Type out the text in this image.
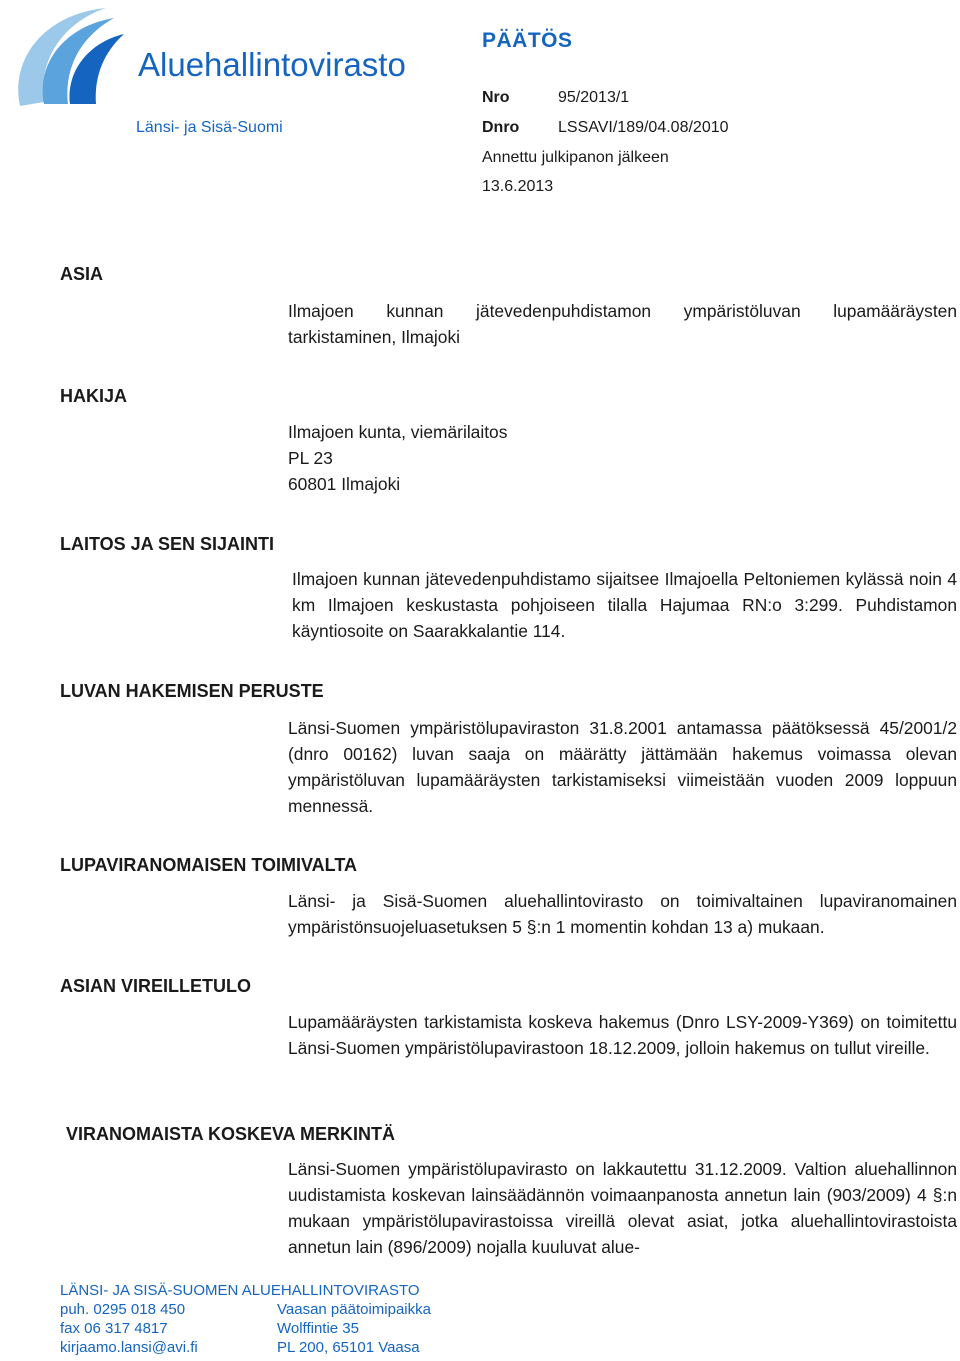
Aluehallintovirasto
Länsi- ja Sisä-Suomi
PÄÄTÖS
Nro	95/2013/1
Dnro LSSAVI/189/04.08/2010
Annettu julkipanon jälkeen
13.6.2013
ASIA
Ilmajoen kunnan jätevedenpuhdistamon ympäristöluvan lupamääräysten tarkistaminen, Ilmajoki
HAKIJA
Ilmajoen kunta, viemärilaitos
PL 23
60801 Ilmajoki
LAITOS JA SEN SIJAINTI
Ilmajoen kunnan jätevedenpuhdistamo sijaitsee Ilmajoella Peltoniemen kylässä noin 4 km Ilmajoen keskustasta pohjoiseen tilalla Hajumaa RN:o 3:299. Puhdistamon käyntiosoite on Saarakkalantie 114.
LUVAN HAKEMISEN PERUSTE
Länsi-Suomen ympäristölupaviraston 31.8.2001 antamassa päätöksessä 45/2001/2 (dnro 00162) luvan saaja on määrätty jättämään hakemus voimassa olevan ympäristöluvan lupamääräysten tarkistamiseksi viimeistään vuoden 2009 loppuun mennessä.
LUPAVIRANOMAISEN TOIMIVALTA
Länsi- ja Sisä-Suomen aluehallintovirasto on toimivaltainen lupaviranomainen ympäristönsuojeluasetuksen 5 §:n 1 momentin kohdan 13 a) mukaan.
ASIAN VIREILLETULO
Lupamääräysten tarkistamista koskeva hakemus (Dnro LSY-2009-Y369) on toimitettu Länsi-Suomen ympäristölupavirastoon 18.12.2009, jolloin hakemus on tullut vireille.
VIRANOMAISTA KOSKEVA MERKINTÄ
Länsi-Suomen ympäristölupavirasto on lakkautettu 31.12.2009. Valtion aluehallinnon uudistamista koskevan lainsäädännön voimaanpanosta annetun lain (903/2009) 4 §:n mukaan ympäristölupavirastoissa vireillä olevat asiat, jotka aluehallintovirastoista annetun lain (896/2009) nojalla kuuluvat alue-
LÄNSI- JA SISÄ-SUOMEN ALUEHALLINTOVIRASTO
puh. 0295 018 450	Vaasan päätoimipaikka
fax 06 317 4817	Wolffintie 35
kirjaamo.lansi@avi.fi	PL 200, 65101 Vaasa
